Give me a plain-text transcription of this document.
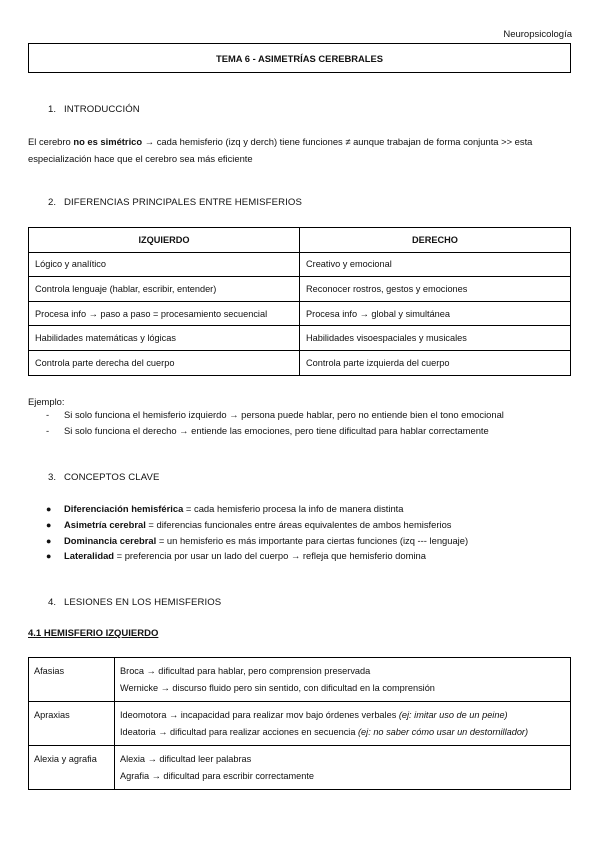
Neuropsicología
TEMA 6 - ASIMETRÍAS CEREBRALES
1. INTRODUCCIÓN
El cerebro no es simétrico → cada hemisferio (izq y derch) tiene funciones ≠ aunque trabajan de forma conjunta >> esta
especialización hace que el cerebro sea más eficiente
2. DIFERENCIAS PRINCIPALES ENTRE HEMISFERIOS
IZQUIERDO	DERECHO
Lógico y analítico	Creativo y emocional
Controla lenguaje (hablar, escribir, entender)	Reconocer rostros, gestos y emociones
Procesa info → paso a paso = procesamiento secuencial	Procesa info → global y simultánea
Habilidades matemáticas y lógicas	Habilidades visoespaciales y musicales
Controla parte derecha del cuerpo	Controla parte izquierda del cuerpo
Ejemplo:
- Si solo funciona el hemisferio izquierdo → persona puede hablar, pero no entiende bien el tono emocional
- Si solo funciona el derecho → entiende las emociones, pero tiene dificultad para hablar correctamente
3. CONCEPTOS CLAVE
● Diferenciación hemisférica = cada hemisferio procesa la info de manera distinta
● Asimetría cerebral = diferencias funcionales entre áreas equivalentes de ambos hemisferios
● Dominancia cerebral = un hemisferio es más importante para ciertas funciones (izq --- lenguaje)
● Lateralidad = preferencia por usar un lado del cuerpo → refleja que hemisferio domina
4. LESIONES EN LOS HEMISFERIOS
4.1 HEMISFERIO IZQUIERDO
Afasias	Broca → dificultad para hablar, pero comprension preservada
Wernicke → discurso fluido pero sin sentido, con dificultad en la comprensión

Apraxias	Ideomotora → incapacidad para realizar mov bajo órdenes verbales (ej: imitar uso de un peine)
Ideatoria → dificultad para realizar acciones en secuencia (ej: no saber cómo usar un destornillador)

Alexia y agrafia	Alexia → dificultad leer palabras
Agrafia → dificultad para escribir correctamente
